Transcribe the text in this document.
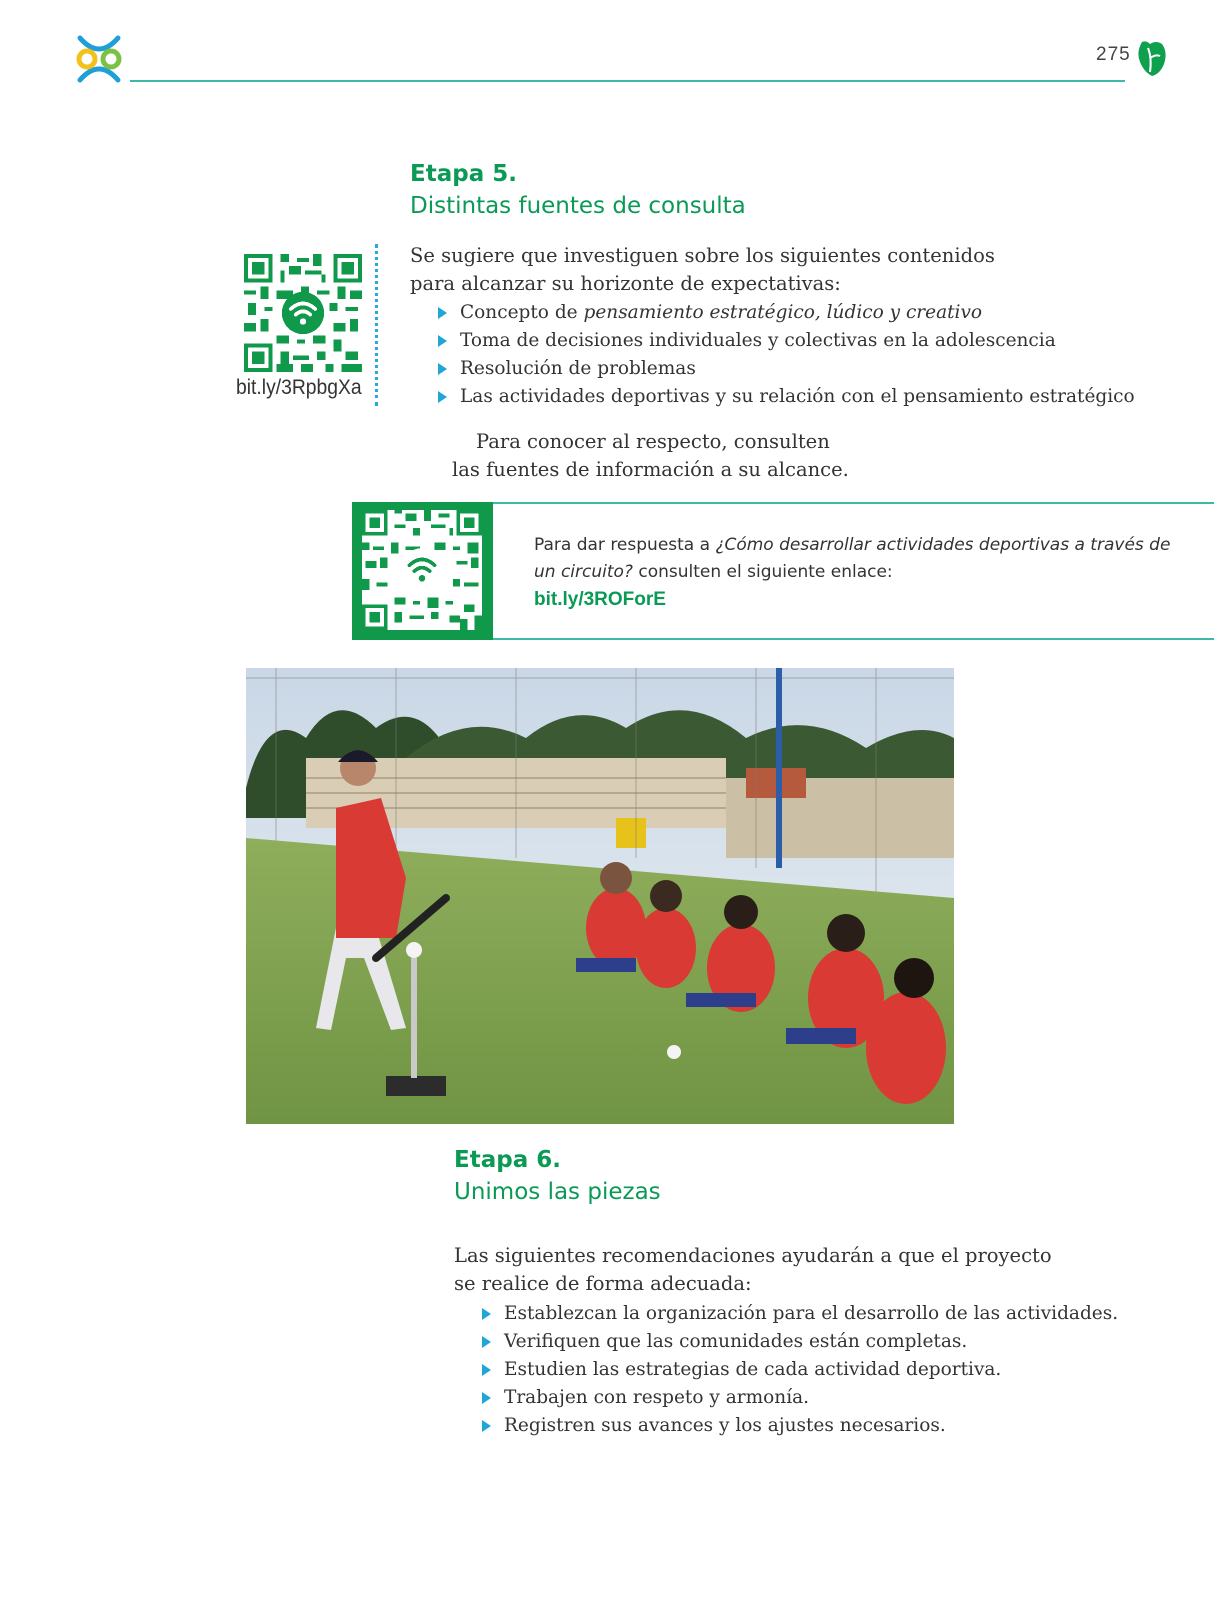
275
Etapa 5.
Distintas fuentes de consulta
bit.ly/3RpbgXa

Se sugiere que investiguen sobre los siguientes contenidos para alcanzar su horizonte de expectativas:

Concepto de pensamiento estratégico, lúdico y creativo
Toma de decisiones individuales y colectivas en la adolescencia
Resolución de problemas
Las actividades deportivas y su relación con el pensamiento estratégico

Para conocer al respecto, consulten las fuentes de información a su alcance.

Para dar respuesta a ¿Cómo desarrollar actividades deportivas a través de un circuito? consulten el siguiente enlace:
bit.ly/3ROForE
Etapa 6.
Unimos las piezas

Las siguientes recomendaciones ayudarán a que el proyecto se realice de forma adecuada:

Establezcan la organización para el desarrollo de las actividades.
Verifiquen que las comunidades están completas.
Estudien las estrategias de cada actividad deportiva.
Trabajen con respeto y armonía.
Registren sus avances y los ajustes necesarios.
